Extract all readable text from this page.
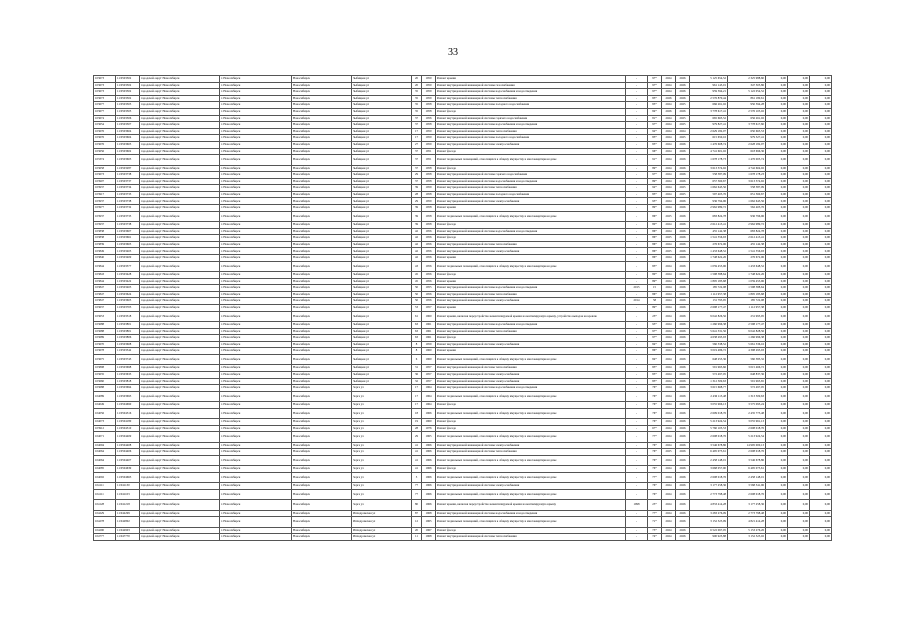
33
103673	11/0503302	городской округ Новосибирск	г. Новосибирск	Новосибирск	Зыбицкая ул	20	1950	Ремонт крыши	-	97*	2024	2026	5 125 654,52	2 325 988,60	0,00	0,00	0,00
103673	11/0503302	городской округ Новосибирск	г. Новосибирск	Новосибирск	Зыбицкая ул	20	1950	Ремонт внутридомовой инженерной системы газоснабжения	-	97*	2024	2026	961 145,01	347 505,86	0,00	0,00	0,00
103673	11/0503302	городской округ Новосибирск	г. Новосибирск	Новосибирск	Зыбицкая ул	35	1959	Ремонт внутридомовой инженерной системы водоснабжения и водоотведения	-	97*	2024	2026	959 594,21	5 122 054,52	0,00	0,00	0,00
103673	11/0503302	городской округ Новосибирск	г. Новосибирск	Новосибирск	Зыбицкая ул	35	1959	Ремонт внутридомовой инженерной системы теплоснабжения	-	83*	2026	2026	2 576 870,44	861 180,61	0,00	0,00	0,00
103677	11/0503305	городской округ Новосибирск	г. Новосибирск	Новосибирск	Зыбицкая ул	35	1958	Ремонт внутридомовой инженерной системы холодного водоснабжения	-	85*	2024	2025	666 261,02	950 594,28	0,00	0,00	0,00
103677	11/0503305	городской округ Новосибирск	г. Новосибирск	Новосибирск	Зыбицкая ул	35	1958	Ремонт фасада	-	84*	2026	2026	3 778 617,41	2 576 105,02	0,00	0,00	0,00
103674	11/0503306	городской округ Новосибирск	г. Новосибирск	Новосибирск	Зыбицкая ул	37	1956	Ремонт внутридомовой инженерной системы горячего водоснабжения	-	81*	2024	2025	665 665,52	656 261,02	0,00	0,00	0,00
103654	11/0503307	городской округ Новосибирск	г. Новосибирск	Новосибирск	Зыбицкая ул	37	1958	Ремонт внутридомовой инженерной системы водоснабжения и водоотведения	-	97*	2024	2025	979 827,41	3 778 617,60	0,00	0,00	0,00
103676	11/0503604	городской округ Новосибирск	г. Новосибирск	Новосибирск	Зыбицкая ул	17	1950	Ремонт внутридомовой инженерной системы теплоснабжения	-	92*	2024	2024	2 629 182,07	650 665,53	0,00	0,00	0,00
103676	11/0503604	городской округ Новосибирск	г. Новосибирск	Новосибирск	Зыбицкая ул	17	1950	Ремонт внутридомовой инженерной системы холодного водоснабжения	-	83*	2024	2025	615 650,16	979 327,41	0,00	0,00	0,00
103676	11/0503605	городской округ Новосибирск	г. Новосибирск	Новосибирск	Зыбицкая ул	27	1959	Ремонт внутридомовой инженерной системы электроснабжения	-	85*	2024	2026	1 476 608,74	2 628 182,07	0,00	0,00	0,00
103656	11/0503602	городской округ Новосибирск	г. Новосибирск	Новосибирск	Зыбицкая ул	37	1951	Ремонт фасада	-	96*	2024	2026	4 741 601,02	618 696,36	0,00	0,00	0,00
103374	11/0503603	городской округ Новосибирск	г. Новосибирск	Новосибирск	Зыбицкая ул	37	1951	Ремонт подвальных помещений, относящихся к общему имуществу в многоквартирном доме	-	91*	2024	2026	1 678 178,73	1 476 005,74	0,00	0,00	0,00
103658	11/0503287	городской округ Новосибирск	г. Новосибирск	Новосибирск	Зыбицкая ул	37	1958	Ремонт фасада	-	89*	2024	2026	3 613 374,92	4 742 604,02	0,00	0,00	0,00
103673	11/0503738	городской округ Новосибирск	г. Новосибирск	Новосибирск	Зыбицкая ул	29	1958	Ремонт внутридомовой инженерной системы горячего водоснабжения	-	97*	2024	2026	558 387,09	1 678 178,23	0,00	0,00	0,00
103907	11/0503737	городской округ Новосибирск	г. Новосибирск	Новосибирск	Зыбицкая ул	37	1958	Ремонт внутридомовой инженерной системы водоснабжения и водоотведения	-	89*	2024	2026	657 560,67	3 613 374,92	0,00	0,00	0,00
103937	11/0503734	городской округ Новосибирск	г. Новосибирск	Новосибирск	Зыбицкая ул	39	1959	Ремонт внутридомовой инженерной системы теплоснабжения	-	92*	2024	2025	1 662 645,56	558 387,09	0,00	0,00	0,00
103917	11/0503733	городской округ Новосибирск	г. Новосибирск	Новосибирск	Зыбицкая ул	28	1958	Ремонт внутридомовой инженерной системы холодного водоснабжения	-	83*	2024	2025	597 405,76	651 560,67	0,00	0,00	0,00
103937	11/0503738	городской округ Новосибирск	г. Новосибирск	Новосибирск	Зыбицкая ул	29	1959	Ремонт внутридомовой инженерной системы электроснабжения	-	95*	2024	2026	936 794,96	1 662 645,56	0,00	0,00	0,00
103977	11/0503732	городской округ Новосибирск	г. Новосибирск	Новосибирск	Зыбицкая ул	39	1958	Ремонт крыши	-	89*	2024	2026	2 962 989,72	562 403,76	0,00	0,00	0,00
103937	11/0503735	городской округ Новосибирск	г. Новосибирск	Новосибирск	Зыбицкая ул	39	1958	Ремонт подвальных помещений, относящихся к общему имуществу в многоквартирном доме	-	86*	2025	2026	683 824,78	936 796,96	0,00	0,00	0,00
103937	11/0503738	городской округ Новосибирск	г. Новосибирск	Новосибирск	Зыбицкая ул	39	1958	Ремонт фасада	-	80*	2024	2026	2 612 413,41	2 962 989,72	0,00	0,00	0,00
103838	11/0503607	городской округ Новосибирск	г. Новосибирск	Новосибирск	Зыбицкая ул	42	1956	Ремонт внутридомовой инженерной системы водоснабжения и водоотведения	-	86*	2024	2026	455 142,38	683 824,78	0,00	0,00	0,00
103838	11/0503661	городской округ Новосибирск	г. Новосибирск	Новосибирск	Зыбицкая ул	42	1956	Ремонт фасада	-	86*	2025	2026	1 541 556,93	2 612 413,41	0,00	0,00	0,00
103839	11/0503605	городской округ Новосибирск	г. Новосибирск	Новосибирск	Зыбицкая ул	42	1956	Ремонт внутридомовой инженерной системы теплоснабжения	-	86*	2024	2026	276 672,06	455 142,38	0,00	0,00	0,00
103849	11/0503405	городской округ Новосибирск	г. Новосибирск	Новосибирск	Зыбицкая ул	42	1956	Ремонт внутридомовой инженерной системы электроснабжения	-	86*	2025	2026	1 433 648,52	1 541 556,93	0,00	0,00	0,00
103840	11/0503409	городской округ Новосибирск	г. Новосибирск	Новосибирск	Зыбицкая ул	42	1956	Ремонт крыши	-	86*	2024	2026	1 748 622,26	276 672,06	0,00	0,00	0,00
103844	11/0503377	городской округ Новосибирск	г. Новосибирск	Новосибирск	Зыбицкая ул	43	1956	Ремонт подвальных помещений, относящихся к общему имуществу в многоквартирном доме	-	83*	2024	2026	1 059 453,96	1 433 648,52	0,00	0,00	0,00
103843	11/0503428	городской округ Новосибирск	г. Новосибирск	Новосибирск	Зыбицкая ул	45	1956	Ремонт фасада	-	80*	2024	2026	1 598 388,64	1 748 622,26	0,00	0,00	0,00
103844	11/0503422	городской округ Новосибирск	г. Новосибирск	Новосибирск	Зыбицкая ул	45	1956	Ремонт крыши	-	89*	2024	2026	1 805 183,68	1 059 453,96	0,00	0,00	0,00
103847	11/0503403	городской округ Новосибирск	г. Новосибирск	Новосибирск	Зыбицкая ул	50	1955	Ремонт внутридомовой инженерной системы водоснабжения и водоотведения	2015	15	2024	2026	185 722,08	1 598 388,64	0,00	0,00	0,00
103847	11/0503624	городской округ Новосибирск	г. Новосибирск	Новосибирск	Зыбицкая ул	50	1956	Ремонт внутридомовой инженерной системы теплоснабжения	-	86*	2024	2026	1 112 957,38	1 805 183,68	0,00	0,00	0,00
103847	11/0503605	городской округ Новосибирск	г. Новосибирск	Новосибирск	Зыбицкая ул	50	1956	Ремонт внутридомовой инженерной системы электроснабжения	2014	58	2024	2026	131 795,95	185 722,08	0,00	0,00	0,00
103637	11/0503703	городской округ Новосибирск	г. Новосибирск	Новосибирск	Зыбицкая ул	53	1957	Ремонт крыши	-	89*	2024	2026	2 698 177,47	1 112 957,38	0,00	0,00	0,00
103653	11/0503318	городской округ Новосибирск	г. Новосибирск	Новосибирск	Зыбицкая ул	61	1960	Ремонт крыши, включая переустройство невентилируемой крыши на вентилируемую крышу, устройство выходов на кровлю	-	23*	2024	2026	9 042 826,56	231 995,95	0,00	0,00	0,00
103688	11/0503801	городской округ Новосибирск	г. Новосибирск	Новосибирск	Зыбицкая ул	63	1961	Ремонт внутридомовой инженерной системы водоснабжения и водоотведения	-	93*	2024	2026	1 260 996,38	2 598 177,47	0,00	0,00	0,00
103688	11/0503801	городской округ Новосибирск	г. Новосибирск	Новосибирск	Зыбицкая ул	63	1961	Ремонт внутридомовой инженерной системы теплоснабжения	-	97*	2024	2026	5 641 331,56	9 042 828,56	0,00	0,00	0,00
103689	11/0503806	городской округ Новосибирск	г. Новосибирск	Новосибирск	Зыбицкая ул	63	1961	Ремонт фасада	-	97*	2024	2026	4 638 295,93	1 266 996,38	0,00	0,00	0,00
103670	11/0503608	городской округ Новосибирск	г. Новосибирск	Новосибирск	Зыбицкая ул	8	1959	Ремонт внутридомовой инженерной системы электроснабжения	-	84*	2024	2026	560 338,52	5 661 336,16	0,00	0,00	0,00
103678	11/0503342	городской округ Новосибирск	г. Новосибирск	Новосибирск	Зыбицкая ул	8	1960	Ремонт крыши	-	86*	2024	2026	3 019 486,72	4 398 295,93	0,00	0,00	0,00
103675	11/0503743	городской округ Новосибирск	г. Новосибирск	Новосибирск	Зыбицкая ул	6	1960	Ремонт подвальных помещений, относящихся к общему имуществу в многоквартирном доме	-	84*	2024	2026	648 255,36	560 385,32	0,00	0,00	0,00
103898	11/0503698	городской округ Новосибирск	г. Новосибирск	Новосибирск	Зыбицкая ул	31	1957	Ремонт внутридомовой инженерной системы теплоснабжения	-	83*	2024	2026	591 963,66	3 015 466,72	0,00	0,00	0,00
103635	11/0503633	городской округ Новосибирск	г. Новосибирск	Новосибирск	Зыбицкая ул	36	1957	Ремонт внутридомовой инженерной системы электроснабжения	-	85*	2024	2026	572 497,05	648 837,36	0,00	0,00	0,00
103660	11/0503818	городской округ Новосибирск	г. Новосибирск	Новосибирск	Зыбицкая ул	32	1957	Ремонт внутридомовой инженерной системы электроснабжения	-	83*	2024	2026	1 312 509,63	591 965,65	0,00	0,00	0,00
103688	11/0503694	городской округ Новосибирск	г. Новосибирск	Новосибирск	Зорге ул	17	1964	Ремонт внутридомовой инженерной системы водоснабжения и водоотведения	-	76*	2024	2026	3 615 668,77	572 497,05	0,00	0,00	0,00
104089	11/0503693	городской округ Новосибирск	г. Новосибирск	Новосибирск	Зорге ул	17	1964	Ремонт подвальных помещений, относящихся к общему имуществу в многоквартирном доме	-	76*	2024	2026	2 436 113,48	1 313 509,63	0,00	0,00	0,00
104049	11/0504690	городской округ Новосибирск	г. Новосибирск	Новосибирск	Зорге ул	17	1964	Ремонт фасада	-	76*	2024	2026	3 055 966,13	3 575 093,24	0,00	0,00	0,00
104056	11/0504516	городской округ Новосибирск	г. Новосибирск	Новосибирск	Зорге ул	18	1966	Ремонт подвальных помещений, относящихся к общему имуществу в многоквартирном доме	-	76*	2024	2026	2 609 018,76	2 435 773,48	0,00	0,00	0,00
104073	11/0504180	городской округ Новосибирск	г. Новосибирск	Новосибирск	Зорге ул	19	1960	Ремонт фасада	-	76*	2024	2026	5 213 924,54	3 055 961,13	0,00	0,00	0,00
103912	11/0504510	городской округ Новосибирск	г. Новосибирск	Новосибирск	Зорге ул	28	1976	Ремонт фасада	-	67*	2024	2026	5 760 105,53	2 608 018,76	0,00	0,00	0,00
104071	11/0504409	городской округ Новосибирск	г. Новосибирск	Новосибирск	Зорге ул	29	1965	Ремонт подвальных помещений, относящихся к общему имуществу в многоквартирном доме	-	77*	2024	2026	2 608 018,76	5 213 924,54	0,00	0,00	0,00
104094	11/0504408	городской округ Новосибирск	г. Новосибирск	Новосибирск	Зорге ул	41	1966	Ремонт внутридомовой инженерной системы электроснабжения	-	76*	2024	2026	3 546 678,86	14 995 000,13	0,00	0,00	0,00
104064	11/0504406	городской округ Новосибирск	г. Новосибирск	Новосибирск	Зорге ул	41	1966	Ремонт внутридомовой инженерной системы теплоснабжения	-	76*	2025	2026	6 495 075,61	2 608 018,76	0,00	0,00	0,00
104064	11/0504407	городской округ Новосибирск	г. Новосибирск	Новосибирск	Зорге ул	41	1966	Ремонт подвальных помещений, относящихся к общему имуществу в многоквартирном доме	-	76*	2024	2026	2 458 148,01	3 546 678,86	0,00	0,00	0,00
104085	11/0504639	городской округ Новосибирск	г. Новосибирск	Новосибирск	Зорге ул	41	1966	Ремонт фасада	-	76*	2024	2026	3 668 057,90	6 495 075,61	0,00	0,00	0,00
104092	11/0504663	городской округ Новосибирск	г. Новосибирск	Новосибирск	Зорге ул	5	1966	Ремонт подвальных помещений, относящихся к общему имуществу в многоквартирном доме	-	77*	2024	2026	2 608 018,76	2 458 148,01	0,00	0,00	0,00
104111	11/041130	городской округ Новосибирск	г. Новосибирск	Новосибирск	Зорге ул	77	1966	Ремонт внутридомовой инженерной системы электроснабжения	-	76*	2024	2026	3 177 258,36	3 568 341,96	0,00	0,00	0,00
104111	11/041103	городской округ Новосибирск	г. Новосибирск	Новосибирск	Зорге ул	77	1966	Ремонт подвальных помещений, относящихся к общему имуществу в многоквартирном доме	-	76*	2024	2026	2 773 798,48	2 608 018,76	0,00	0,00	0,00
104128	11/041218	городской округ Новосибирск	г. Новосибирск	Новосибирск	Зорге ул	80	1966	Ремонт крыши, включая переустройство невентилируемой крыши на вентилируемую крышу	1998	25*	2024	2026	4 833 414,28	3 177 258,36	0,00	0,00	0,00
104229	11/042299	городской округ Новосибирск	г. Новосибирск	Новосибирск	Ипподромская ул	87	1968	Ремонт внутридомовой инженерной системы водоснабжения и водоотведения	-	77*	2024	2026	3 283 276,09	2 773 798,48	0,00	0,00	0,00
104278	11/042802	городской округ Новосибирск	г. Новосибирск	Новосибирск	Ипподромская ул	12	1965	Ремонт подвальных помещений, относящихся к общему имуществу в многоквартирном доме	-	71*	2024	2026	3 152 525,99	4 821 414,28	0,00	0,00	0,00
104290	11/042903	городской округ Новосибирск	г. Новосибирск	Новосибирск	Ипподромская ул	20	1967	Ремонт фасада	-	75*	2024	2026	6 522 067,05	5 153 276,26	0,00	0,00	0,00
104777	11/047770	городской округ Новосибирск	г. Новосибирск	Новосибирск	Ипподромская ул	11	1968	Ремонт внутридомовой инженерной системы теплоснабжения	-	74*	2024	2026	900 925,88	3 152 525,02	0,00	0,00	0,00
